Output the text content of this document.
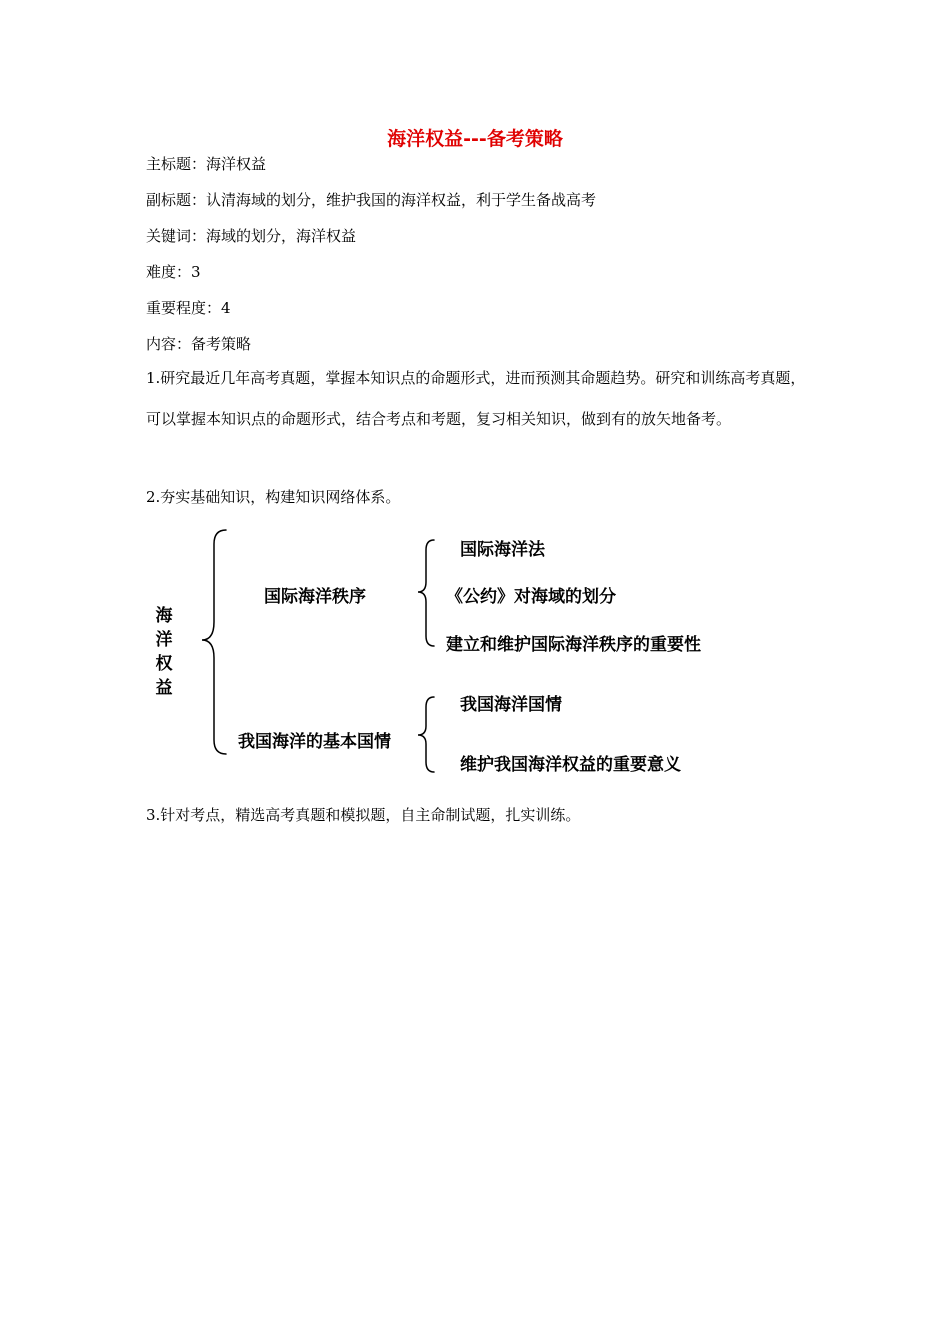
海洋权益---备考策略
主标题：海洋权益
副标题：认清海域的划分，维护我国的海洋权益，利于学生备战高考
关键词：海域的划分，海洋权益
难度：3
重要程度：4
内容：备考策略
1.研究最近几年高考真题，掌握本知识点的命题形式，进而预测其命题趋势。研究和训练高考真题，可以掌握本知识点的命题形式，结合考点和考题，复习相关知识，做到有的放矢地备考。
2.夯实基础知识，构建知识网络体系。
海
洋
权
益
国际海洋秩序
我国海洋的基本国情
国际海洋法
《公约》对海域的划分
建立和维护国际海洋秩序的重要性
我国海洋国情
维护我国海洋权益的重要意义
3.针对考点，精选高考真题和模拟题，自主命制试题，扎实训练。
